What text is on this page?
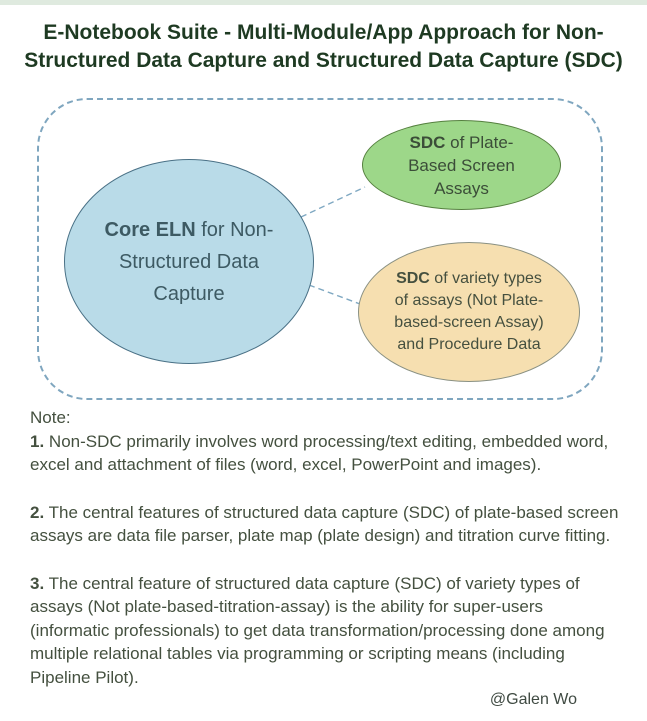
E-Notebook Suite - Multi-Module/App Approach for Non-
Structured Data Capture and Structured Data Capture (SDC)
Core ELN for Non-Structured Data Capture
SDC of Plate-Based Screen Assays
SDC of variety types of assays (Not Plate-based-screen Assay) and Procedure Data

Note:

1. Non-SDC primarily involves word processing/text editing, embedded word, excel and attachment of files (word, excel, PowerPoint and images).

2. The central features of structured data capture (SDC) of plate-based screen assays are data file parser, plate map (plate design) and titration curve fitting.

3. The central feature of structured data capture (SDC) of variety types of assays (Not plate-based-titration-assay) is the ability for super-users (informatic professionals) to get data transformation/processing done among multiple relational tables via programming or scripting means (including Pipeline Pilot).

@Galen Wo
